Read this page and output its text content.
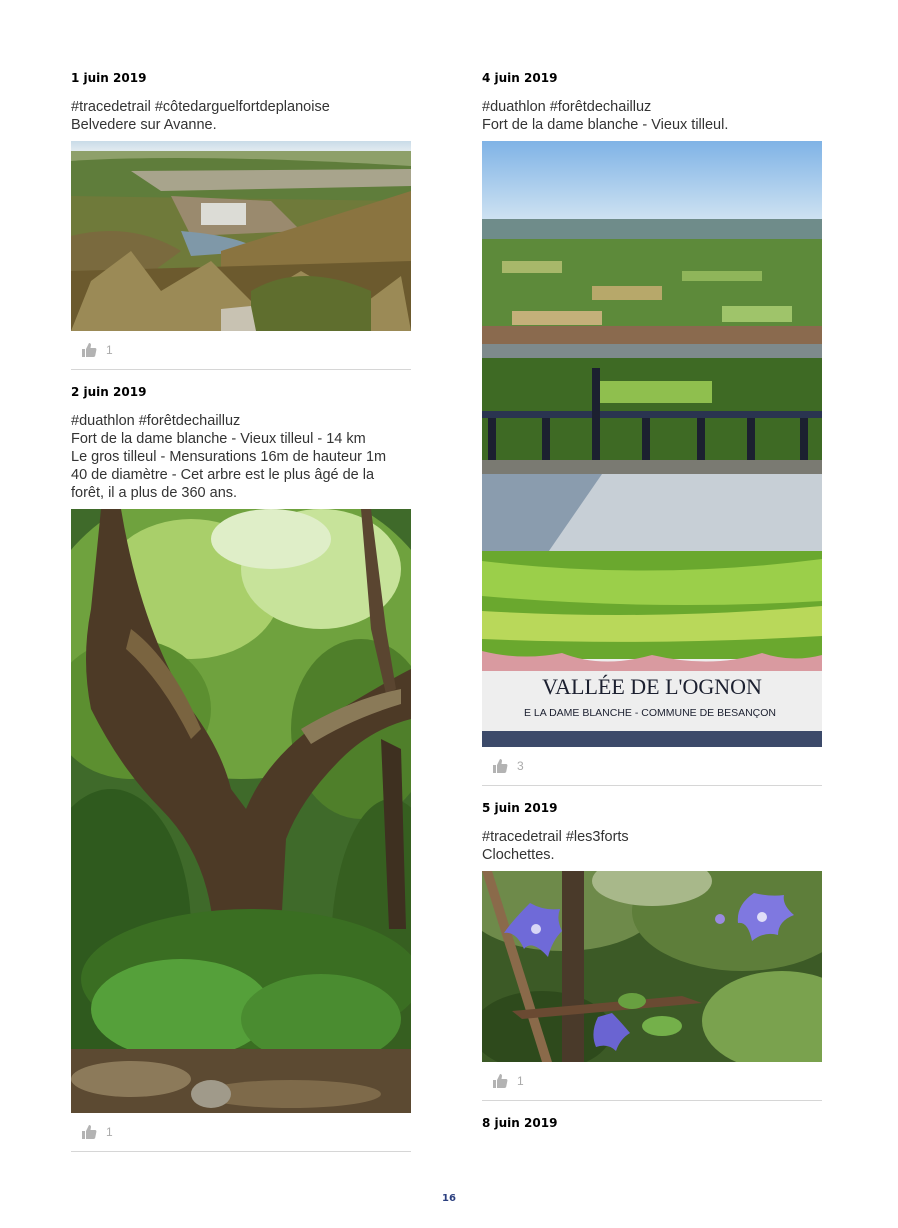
1 juin 2019
#tracedetrail #côtedarguelfortdeplanoise
Belvedere sur Avanne.
1
2 juin 2019
#duathlon #forêtdechailluz
Fort de la dame blanche - Vieux tilleul - 14 km
Le gros tilleul - Mensurations 16m de hauteur 1m
40 de diamètre - Cet arbre est le plus âgé de la
forêt, il a plus de 360 ans.
1
4 juin 2019
#duathlon #forêtdechailluz
Fort de la dame blanche - Vieux tilleul.
VALLÉE DE L'OGNON
E LA DAME BLANCHE - COMMUNE DE BESANÇON
3
5 juin 2019
#tracedetrail #les3forts
Clochettes.
1
8 juin 2019
16
